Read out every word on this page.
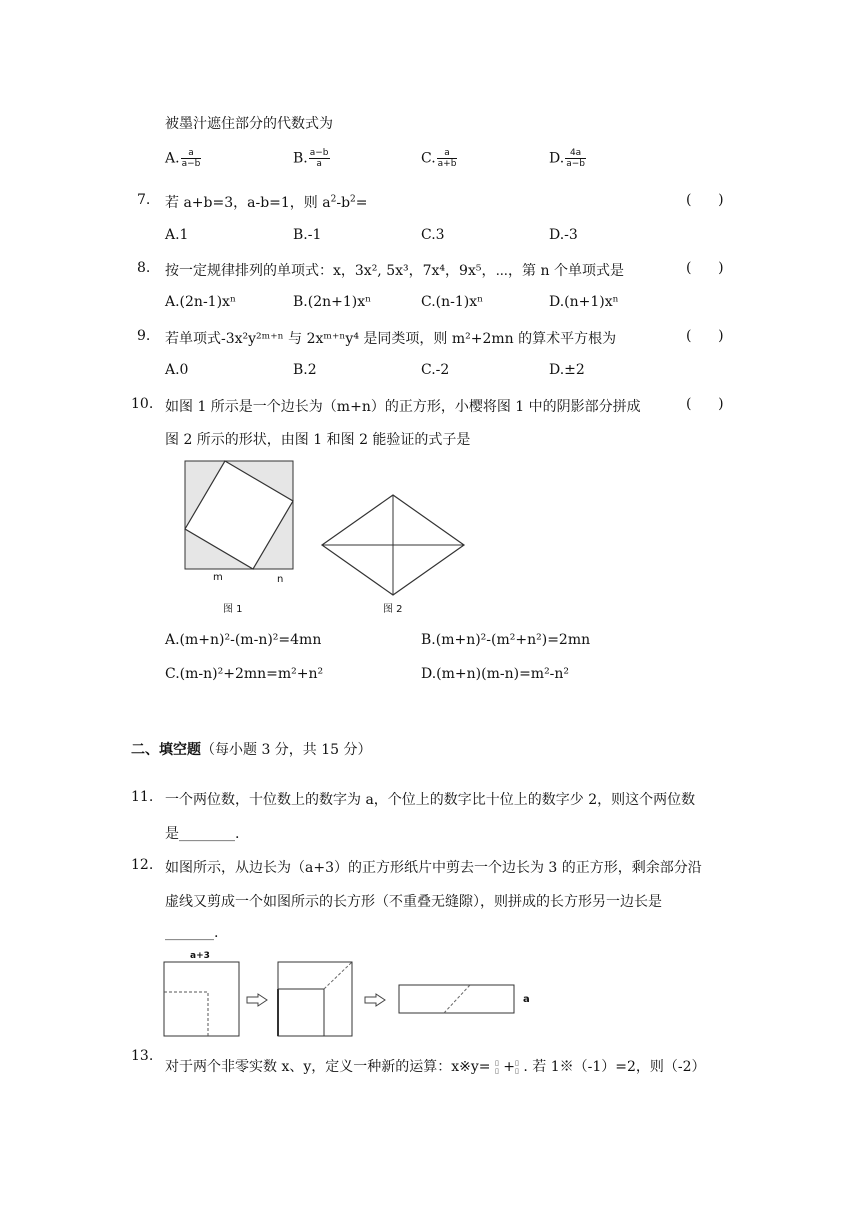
被墨汁遮住部分的代数式为
A. $\frac{a}{a-b}$	B. $\frac{a-b}{a}$	C. $\frac{a}{a+b}$	D. $\frac{4a}{a-b}$
7. 若 a+b=3，a-b=1，则 $a^2-b^2=$	(      )
A.1	B.-1	C.3	D.-3
8. 按一定规律排列的单项式：x，3x², 5x³，7x⁴，9x⁵，⋯，第 n 个单项式是	(      )
A.(2n-1)xⁿ	B.(2n+1)xⁿ	C.(n-1)xⁿ	D.(n+1)xⁿ
9. 若单项式-3x²y²ᵐ⁺ⁿ 与 2xᵐ⁺ⁿy⁴ 是同类项，则 m²+2mn 的算术平方根为	(      )
A.0	B.2	C.-2	D.±2
10. 如图 1 所示是一个边长为（m+n）的正方形，小樱将图 1 中的阴影部分拼成	(      )
图 2 所示的形状，由图 1 和图 2 能验证的式子是
m	n
图 1	图 2
A.(m+n)²-(m-n)²=4mn	B.(m+n)²-(m²+n²)=2mn
C.(m-n)²+2mn=m²+n²	D.(m+n)(m-n)=m²-n²
二、填空题（每小题 3 分，共 15 分）
11. 一个两位数，十位数上的数字为 a，个位上的数字比十位上的数字少 2，则这个两位数
是________.
12. 如图所示，从边长为（a+3）的正方形纸片中剪去一个边长为 3 的正方形，剩余部分沿
虚线又剪成一个如图所示的长方形（不重叠无缝隙），则拼成的长方形另一边长是
_______.
a+3
a
13.
对于两个非零实数 x、y，定义一种新的运算：x※y= ▯
▯ + ▯
▯ . 若 1※（-1）=2，则（-2）
